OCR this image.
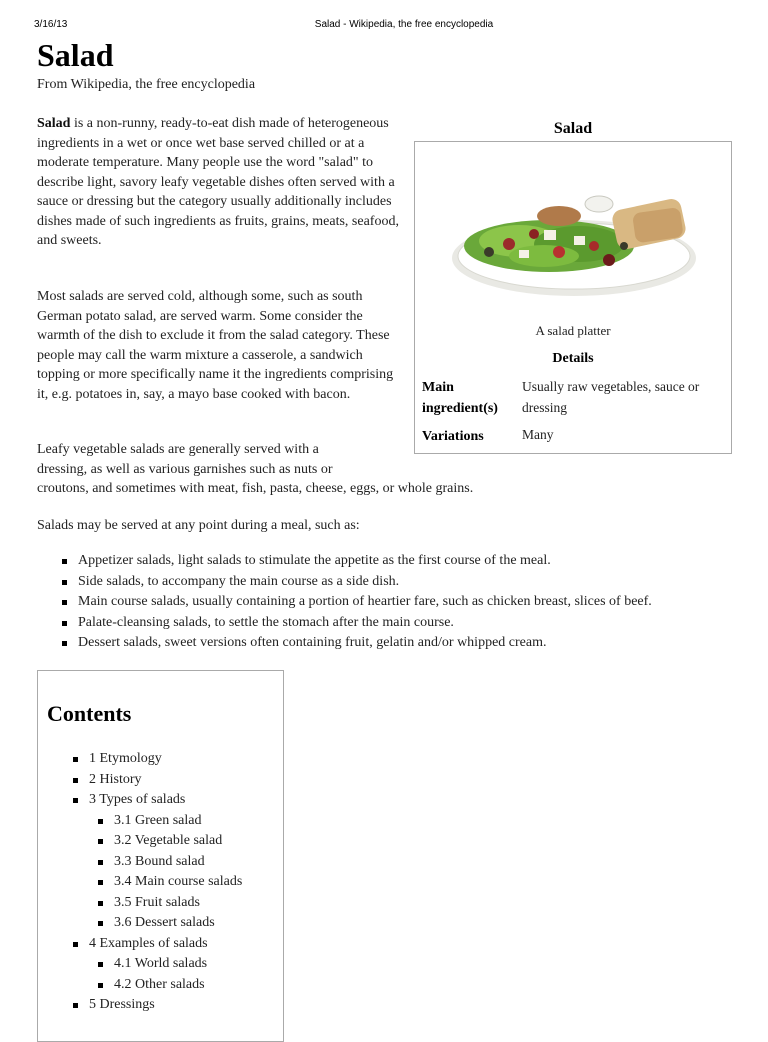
3/16/13	Salad - Wikipedia, the free encyclopedia
Salad
From Wikipedia, the free encyclopedia

Salad is a non-runny, ready-to-eat dish made of heterogeneous ingredients in a wet or once wet base served chilled or at a moderate temperature. Many people use the word "salad" to describe light, savory leafy vegetable dishes often served with a sauce or dressing but the category usually additionally includes dishes made of such ingredients as fruits, grains, meats, seafood, and sweets.

Most salads are served cold, although some, such as south German potato salad, are served warm. Some consider the warmth of the dish to exclude it from the salad category. These people may call the warm mixture a casserole, a sandwich topping or more specifically name it the ingredients comprising it, e.g. potatoes in, say, a mayo base cooked with bacon.

Leafy vegetable salads are generally served with a
dressing, as well as various garnishes such as nuts or
croutons, and sometimes with meat, fish, pasta, cheese, eggs, or whole grains.

Salads may be served at any point during a meal, such as:

Salad
A salad platter
Details
Main ingredient(s)
Usually raw vegetables, sauce or dressing
Variations	Many
Appetizer salads, light salads to stimulate the appetite as the first course of the meal.
Side salads, to accompany the main course as a side dish.
Main course salads, usually containing a portion of heartier fare, such as chicken breast, slices of beef.
Palate-cleansing salads, to settle the stomach after the main course.
Dessert salads, sweet versions often containing fruit, gelatin and/or whipped cream.
Contents
1 Etymology
2 History
3 Types of salads
3.1 Green salad
3.2 Vegetable salad
3.3 Bound salad
3.4 Main course salads
3.5 Fruit salads
3.6 Dessert salads
4 Examples of salads
4.1 World salads
4.2 Other salads
5 Dressings
